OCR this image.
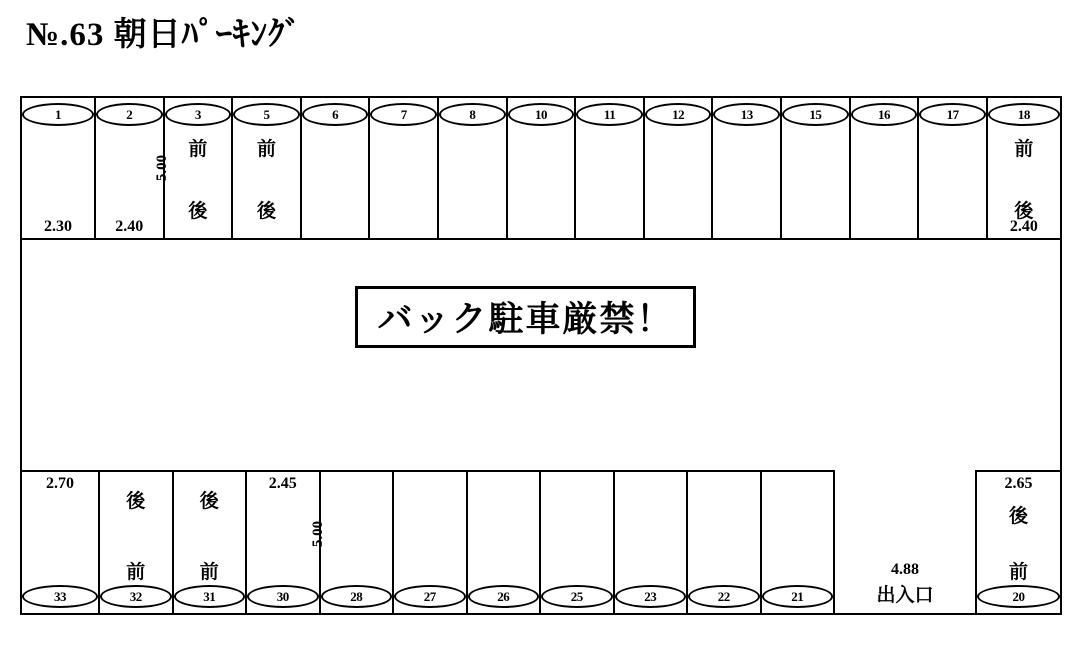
№.63 朝日ﾊﾟｰｷﾝｸﾞ
2.30
1
2.40
5.00
2
後
前
3
後
前
5	6	7	8	10	11	12	13	15	16	17
2.40
後
前
18
バック駐車厳禁！
2.70
33
後
前
32
後
前
31
2.45
5.00
30	28	27	26	25	23	22	21
4.88
出入口
2.65
後
前
20
